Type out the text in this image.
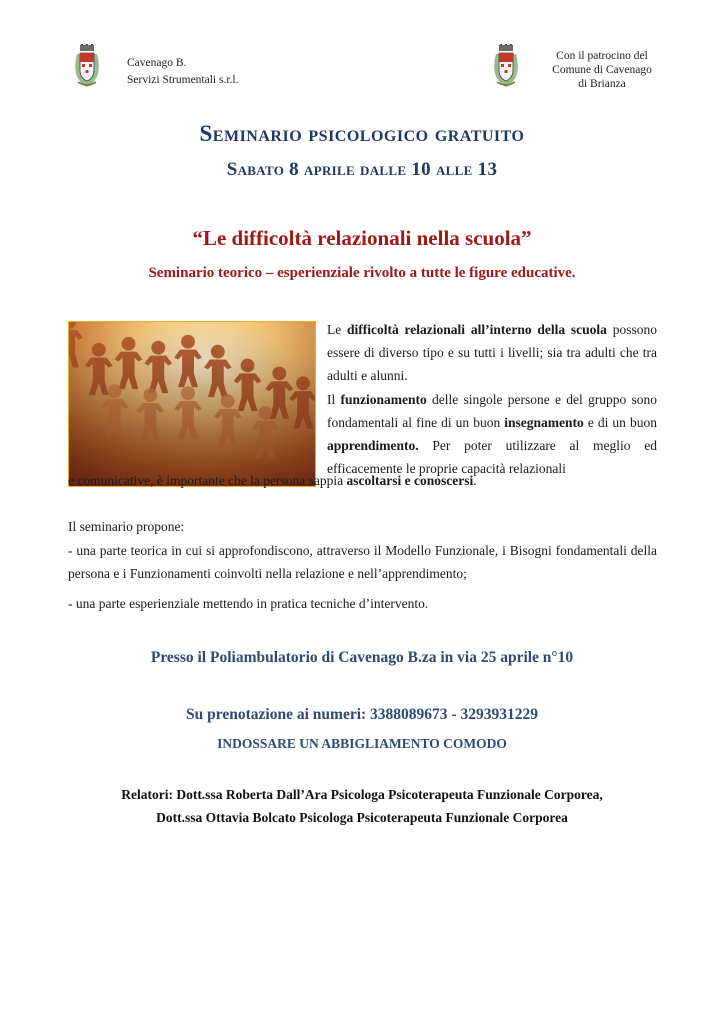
Cavenago B.
Servizi Strumentali s.r.l.
Con il patrocino del
Comune di Cavenago
di Brianza
Seminario psicologico gratuito
Sabato 8 aprile dalle 10 alle 13
“Le difficoltà relazionali nella scuola”
Seminario teorico – esperienziale rivolto a tutte le figure educative.
Le difficoltà relazionali all’interno della scuola possono essere di diverso tipo e su tutti i livelli; sia tra adulti che tra adulti e alunni.
Il funzionamento delle singole persone e del gruppo sono fondamentali al fine di un buon insegnamento e di un buon apprendimento. Per poter utilizzare al meglio ed efficacemente le proprie capacità relazionali
e comunicative, è importante che la persona sappia ascoltarsi e conoscersi.
Il seminario propone:
- una parte teorica in cui si approfondiscono, attraverso il Modello Funzionale, i Bisogni fondamentali della persona e i Funzionamenti coinvolti nella relazione e nell’apprendimento;
- una parte esperienziale mettendo in pratica tecniche d’intervento.
Presso il Poliambulatorio di Cavenago B.za in via 25 aprile n°10
Su prenotazione ai numeri: 3388089673 - 3293931229
INDOSSARE UN ABBIGLIAMENTO COMODO
Relatori: Dott.ssa Roberta Dall’Ara Psicologa Psicoterapeuta Funzionale Corporea,
Dott.ssa Ottavia Bolcato Psicologa Psicoterapeuta Funzionale Corporea
